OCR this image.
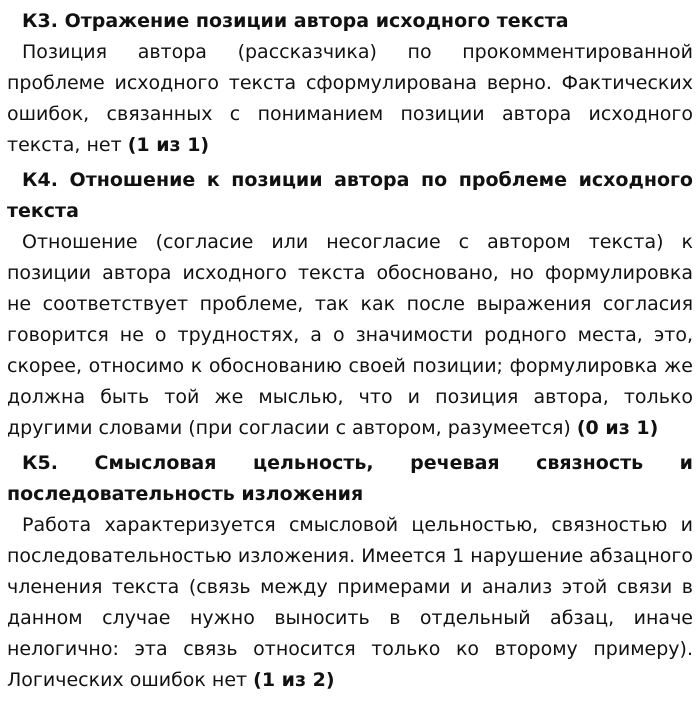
К3. Отражение позиции автора исходного текста

Позиция автора (рассказчика) по прокомментированной проблеме исходного текста сформулирована верно. Фактических ошибок, связанных с пониманием позиции автора исходного текста, нет (1 из 1)

К4. Отношение к позиции автора по проблеме исходного текста

Отношение (согласие или несогласие с автором текста) к позиции автора исходного текста обосновано, но формулировка не соответствует проблеме, так как после выражения согласия говорится не о трудностях, а о значимости родного места, это, скорее, относимо к обоснованию своей позиции; формулировка же должна быть той же мыслью, что и позиция автора, только другими словами (при согласии с автором, разумеется) (0 из 1)

К5. Смысловая цельность, речевая связность и последовательность изложения

Работа характеризуется смысловой цельностью, связностью и последовательностью изложения. Имеется 1 нарушение абзацного членения текста (связь между примерами и анализ этой связи в данном случае нужно выносить в отдельный абзац, иначе нелогично: эта связь относится только ко второму примеру). Логических ошибок нет (1 из 2)
